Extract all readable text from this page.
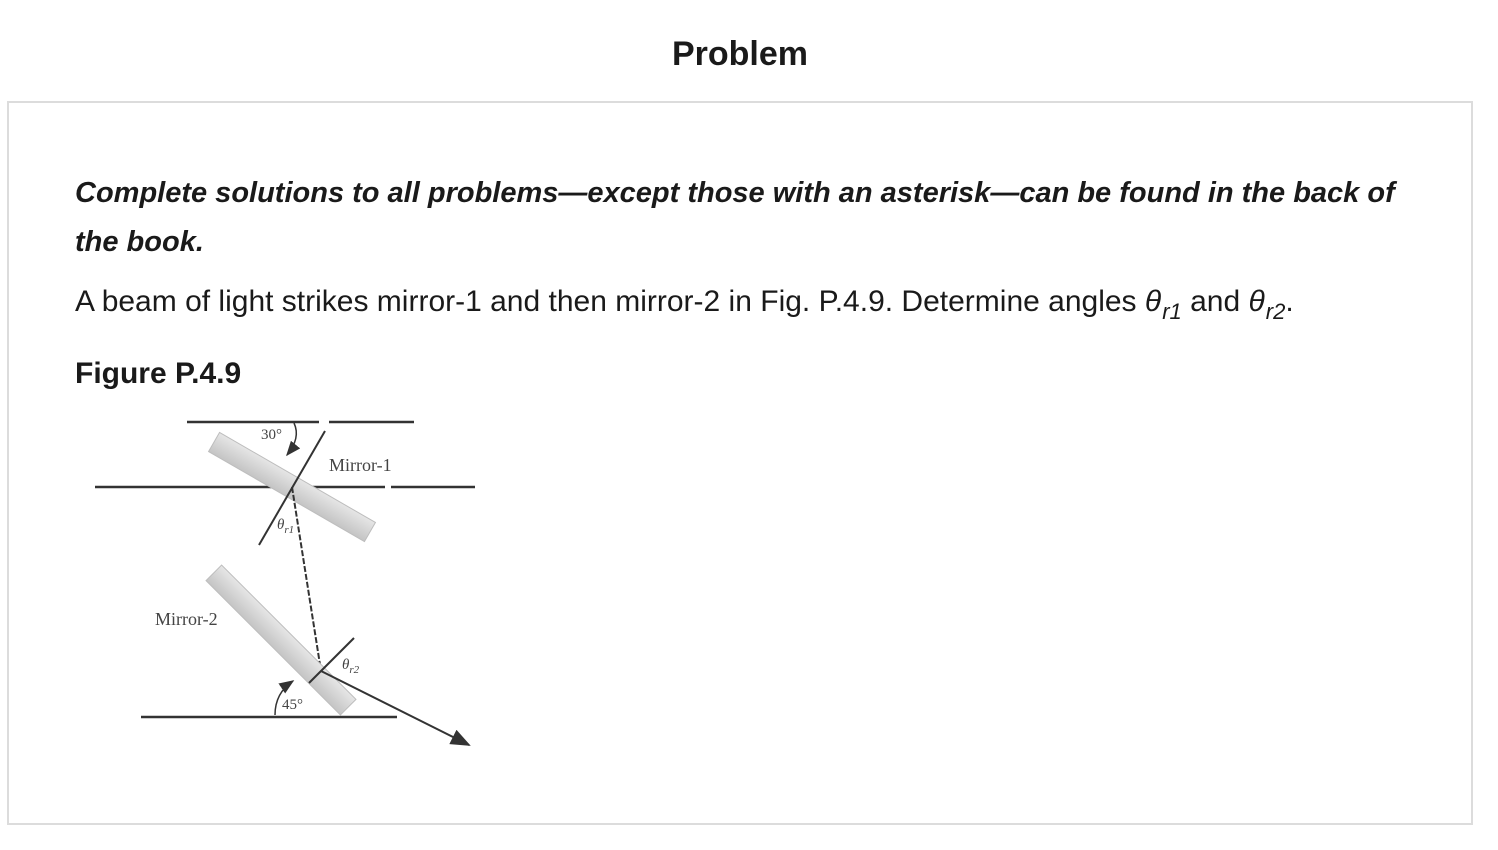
Problem

Complete solutions to all problems—except those with an asterisk—can be found in the back of the book.

A beam of light strikes mirror-1 and then mirror-2 in Fig. P.4.9. Determine angles $\theta_{r1}$ and $\theta_{r2}$.

Figure P.4.9

30°
Mirror-1
$\theta_{r1}$
$\theta_{r2}$
Mirror-2
45°
